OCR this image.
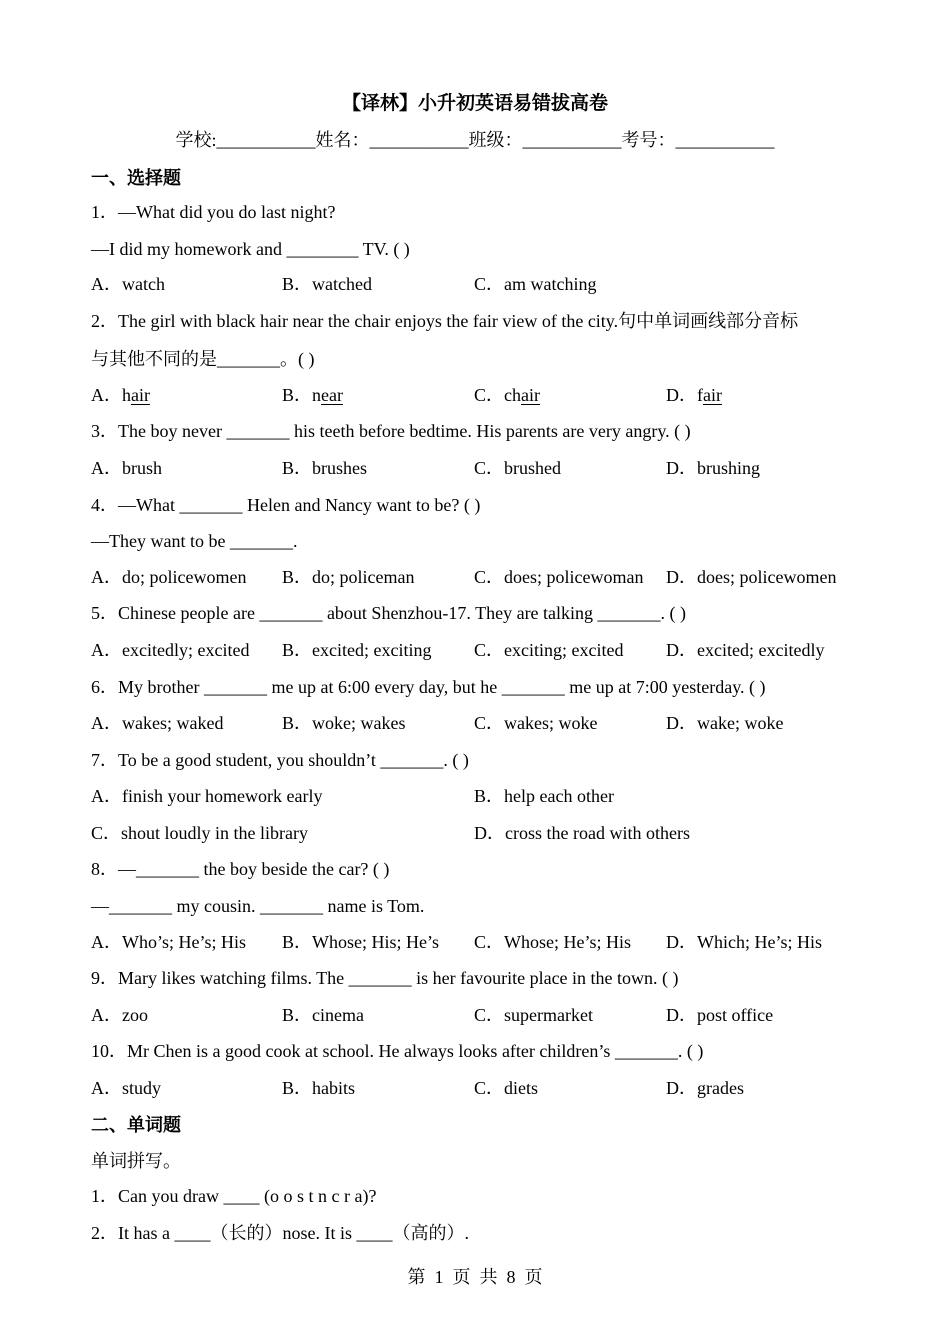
【译林】小升初英语易错拔高卷
学校:___________姓名：___________班级：___________考号：___________
一、选择题
1．—What did you do last night?
—I did my homework and ________ TV. ( )
A．watch	B．watched	C．am watching
2．The girl with black hair near the chair enjoys the fair view of the city.句中单词画线部分音标
与其他不同的是_______。( )
A．hair	B．near	C．chair	D．fair
3．The boy never _______ his teeth before bedtime. His parents are very angry. ( )
A．brush	B．brushes	C．brushed	D．brushing
4．—What _______ Helen and Nancy want to be? ( )
—They want to be _______.
A．do; policewomen B．do; policeman	C．does; policewoman D．does; policewomen
5．Chinese people are _______ about Shenzhou-17. They are talking _______. ( )
A．excitedly; excited B．excited; exciting C．exciting; excited D．excited; excitedly
6．My brother _______ me up at 6:00 every day, but he _______ me up at 7:00 yesterday. ( )
A．wakes; waked	B．woke; wakes	C．wakes; woke	D．wake; woke
7．To be a good student, you shouldn’t _______. ( )
A．finish your homework early	B．help each other
C．shout loudly in the library	D．cross the road with others
8．—_______ the boy beside the car? ( )
—_______ my cousin. _______ name is Tom.
A．Who’s; He’s; His B．Whose; His; He’s C．Whose; He’s; His D．Which; He’s; His
9．Mary likes watching films. The _______ is her favourite place in the town. ( )
A．zoo	B．cinema	C．supermarket	D．post office
10．Mr Chen is a good cook at school. He always looks after children’s _______. ( )
A．study	B．habits	C．diets	D．grades
二、单词题
单词拼写。
1．Can you draw ____ (o o s t n c r a)?
2．It has a ____（长的）nose. It is ____（高的）.
第  1  页  共  8  页
